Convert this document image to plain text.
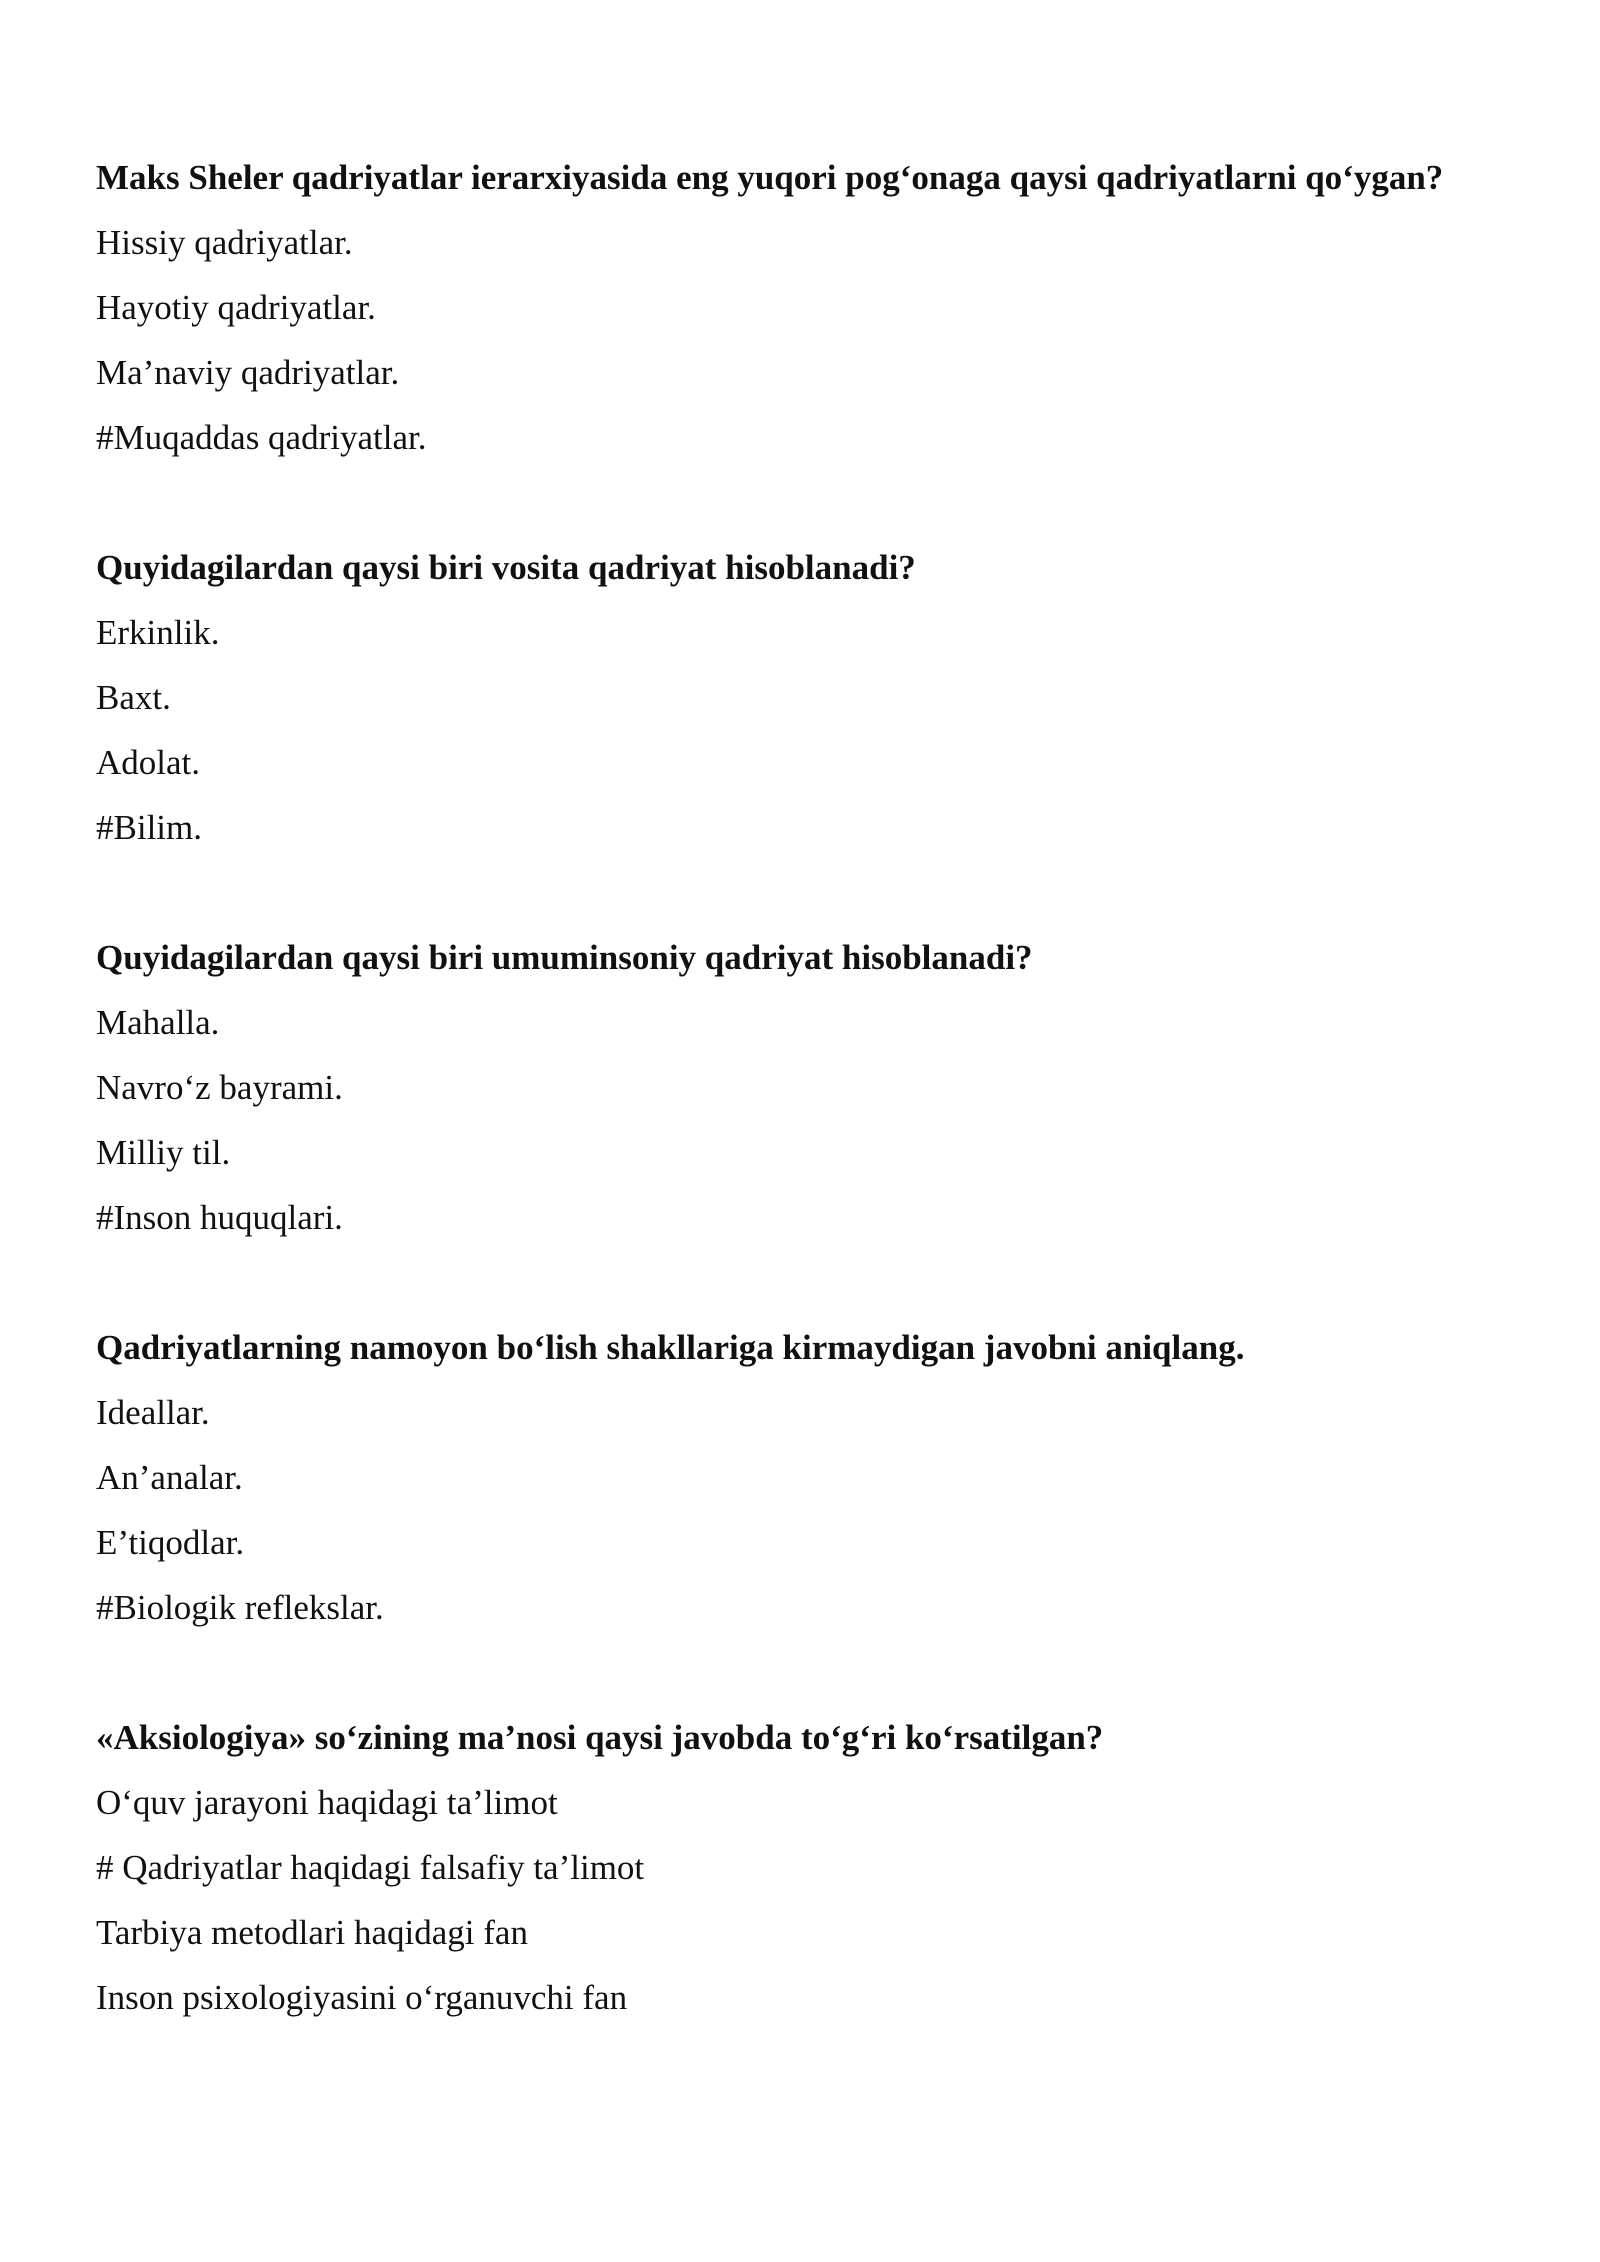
Maks Sheler qadriyatlar ierarxiyasida eng yuqori pog‘onaga qaysi qadriyatlarni qo‘ygan?

Hissiy qadriyatlar.

Hayotiy qadriyatlar.

Ma’naviy qadriyatlar.

#Muqaddas qadriyatlar.

Quyidagilardan qaysi biri vosita qadriyat hisoblanadi?

Erkinlik.

Baxt.

Adolat.

#Bilim.

Quyidagilardan qaysi biri umuminsoniy qadriyat hisoblanadi?

Mahalla.

Navro‘z bayrami.

Milliy til.

#Inson huquqlari.

Qadriyatlarning namoyon bo‘lish shakllariga kirmaydigan javobni aniqlang.

Ideallar.

An’analar.

E’tiqodlar.

#Biologik reflekslar.

«Aksiologiya» so‘zining ma’nosi qaysi javobda to‘g‘ri ko‘rsatilgan?

O‘quv jarayoni haqidagi ta’limot

# Qadriyatlar haqidagi falsafiy ta’limot

Tarbiya metodlari haqidagi fan

Inson psixologiyasini o‘rganuvchi fan
